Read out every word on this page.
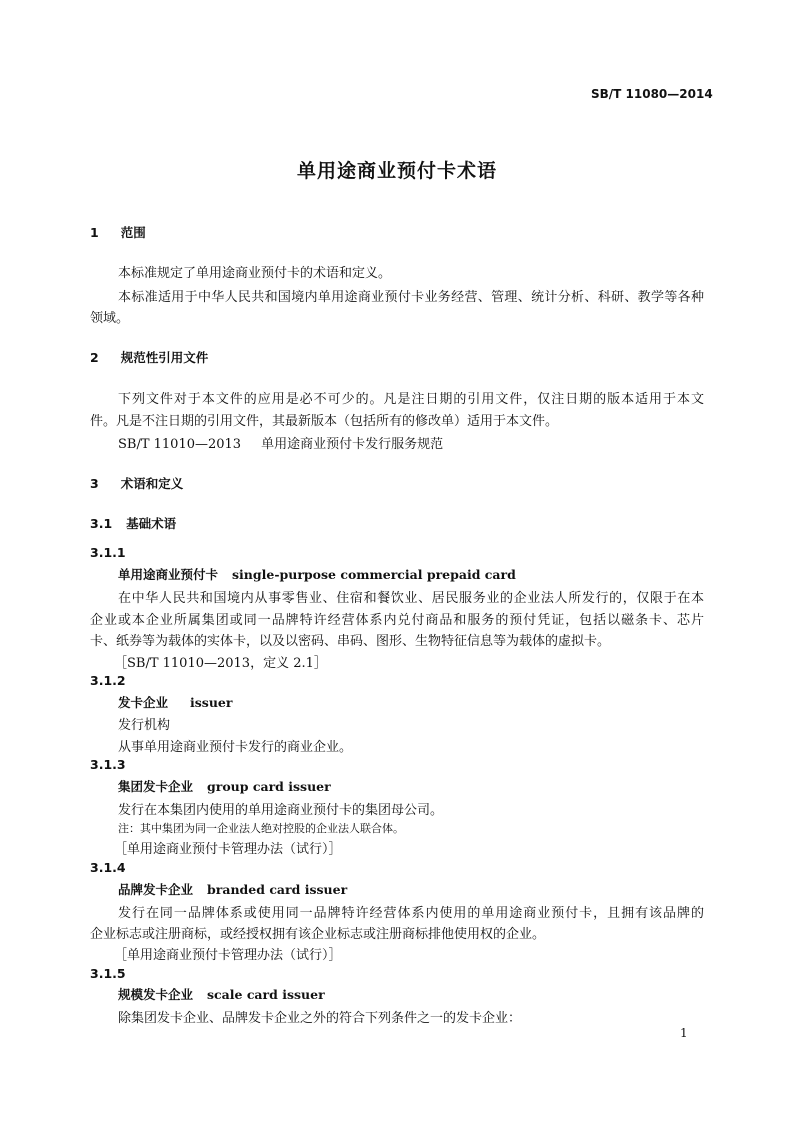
SB/T 11080—2014
单用途商业预付卡术语
1 范围
本标准规定了单用途商业预付卡的术语和定义。
本标准适用于中华人民共和国境内单用途商业预付卡业务经营、管理、统计分析、科研、教学等各种
领域。
2 规范性引用文件
下列文件对于本文件的应用是必不可少的。凡是注日期的引用文件，仅注日期的版本适用于本文
件。凡是不注日期的引用文件，其最新版本（包括所有的修改单）适用于本文件。
SB/T 11010—2013 单用途商业预付卡发行服务规范
3 术语和定义
3.1 基础术语
3.1.1
单用途商业预付卡 single-purpose commercial prepaid card
在中华人民共和国境内从事零售业、住宿和餐饮业、居民服务业的企业法人所发行的，仅限于在本
企业或本企业所属集团或同一品牌特许经营体系内兑付商品和服务的预付凭证，包括以磁条卡、芯片
卡、纸券等为载体的实体卡，以及以密码、串码、图形、生物特征信息等为载体的虚拟卡。
［SB/T 11010—2013，定义 2.1］
3.1.2
发卡企业 issuer
发行机构
从事单用途商业预付卡发行的商业企业。
3.1.3
集团发卡企业 group card issuer
发行在本集团内使用的单用途商业预付卡的集团母公司。
注：其中集团为同一企业法人绝对控股的企业法人联合体。
［单用途商业预付卡管理办法（试行）］
3.1.4
品牌发卡企业 branded card issuer
发行在同一品牌体系或使用同一品牌特许经营体系内使用的单用途商业预付卡，且拥有该品牌的
企业标志或注册商标，或经授权拥有该企业标志或注册商标排他使用权的企业。
［单用途商业预付卡管理办法（试行）］
3.1.5
规模发卡企业 scale card issuer
除集团发卡企业、品牌发卡企业之外的符合下列条件之一的发卡企业：
1
